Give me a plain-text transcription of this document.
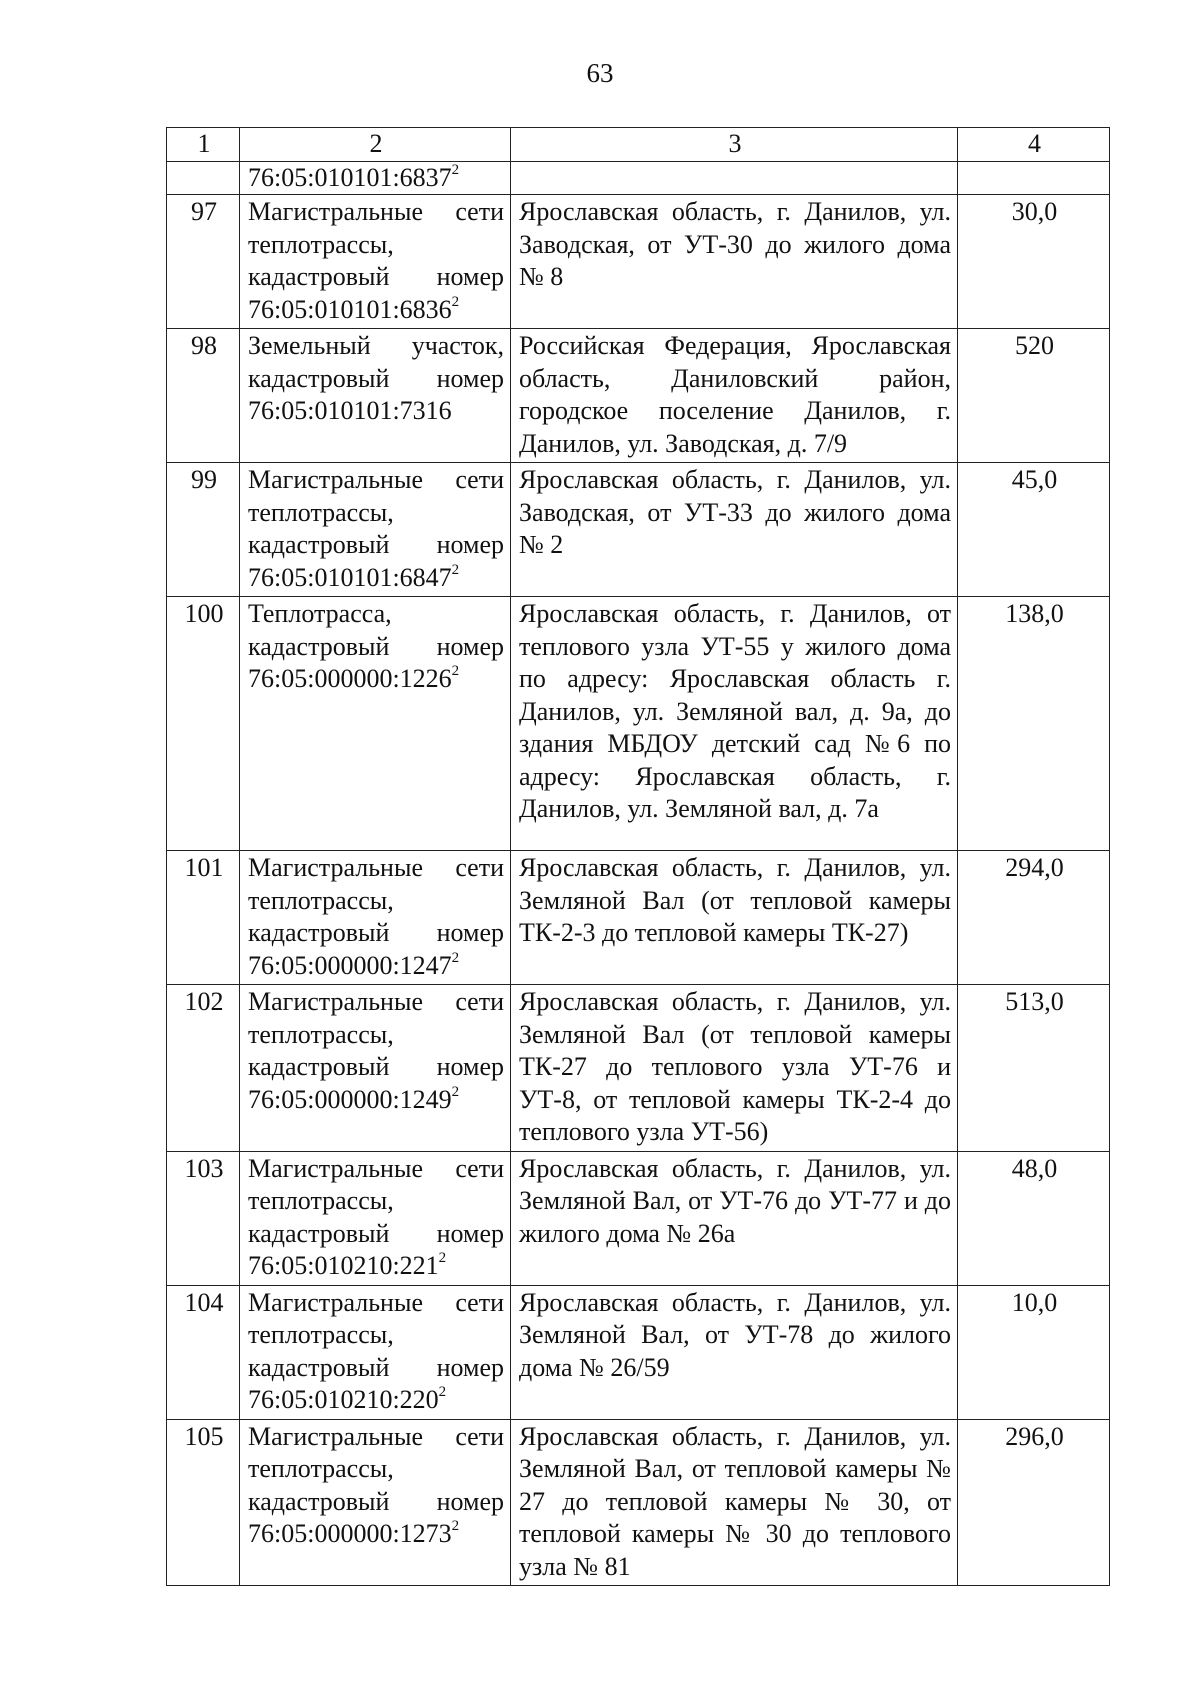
63
1	2	3	4
	76:05:010101:6837$^2$		
97	Магистральные сети теплотрассы, кадастровый номер 76:05:010101:6836$^2$	Ярославская область, г. Данилов, ул. Заводская, от УТ-30 до жилого дома № 8	30,0
98	Земельный участок, кадастровый номер 76:05:010101:7316	Российская Федерация, Ярославская область, Даниловский район, городское поселение Данилов, г. Данилов, ул. Заводская, д. 7/9	520
99	Магистральные сети теплотрассы, кадастровый номер 76:05:010101:6847$^2$	Ярославская область, г. Данилов, ул. Заводская, от УТ-33 до жилого дома № 2	45,0
100	Теплотрасса, кадастровый номер 76:05:000000:1226$^2$	Ярославская область, г. Данилов, от теплового узла УТ-55 у жилого дома по адресу: Ярославская область г. Данилов, ул. Земляной вал, д. 9а, до здания МБДОУ детский сад №6 по адресу: Ярославская область, г. Данилов, ул. Земляной вал, д. 7а	138,0
101	Магистральные сети теплотрассы, кадастровый номер 76:05:000000:1247$^2$	Ярославская область, г. Данилов, ул. Земляной Вал (от тепловой камеры ТК-2-3 до тепловой камеры ТК-27)	294,0
102	Магистральные сети теплотрассы, кадастровый номер 76:05:000000:1249$^2$	Ярославская область, г. Данилов, ул. Земляной Вал (от тепловой камеры ТК-27 до теплового узла УТ-76 и УТ-8, от тепловой камеры ТК-2-4 до теплового узла УТ-56)	513,0
103	Магистральные сети теплотрассы, кадастровый номер $76:05:010210:221^2$	Ярославская область, г. Данилов, ул. Земляной Вал, от УТ-76 до УТ-77 и до жилого дома № 26а	48,0
104	Магистральные сети теплотрассы, кадастровый номер $76:05:010210:220^2$	Ярославская область, г. Данилов, ул. Земляной Вал, от УТ-78 до жилого дома № 26/59	10,0
105	Магистральные сети теплотрассы, кадастровый номер 76:05:000000:1273$^2$	Ярославская область, г. Данилов, ул. Земляной Вал, от тепловой камеры № 27 до тепловой камеры № 30, от тепловой камеры № 30 до теплового узла № 81	296,0
